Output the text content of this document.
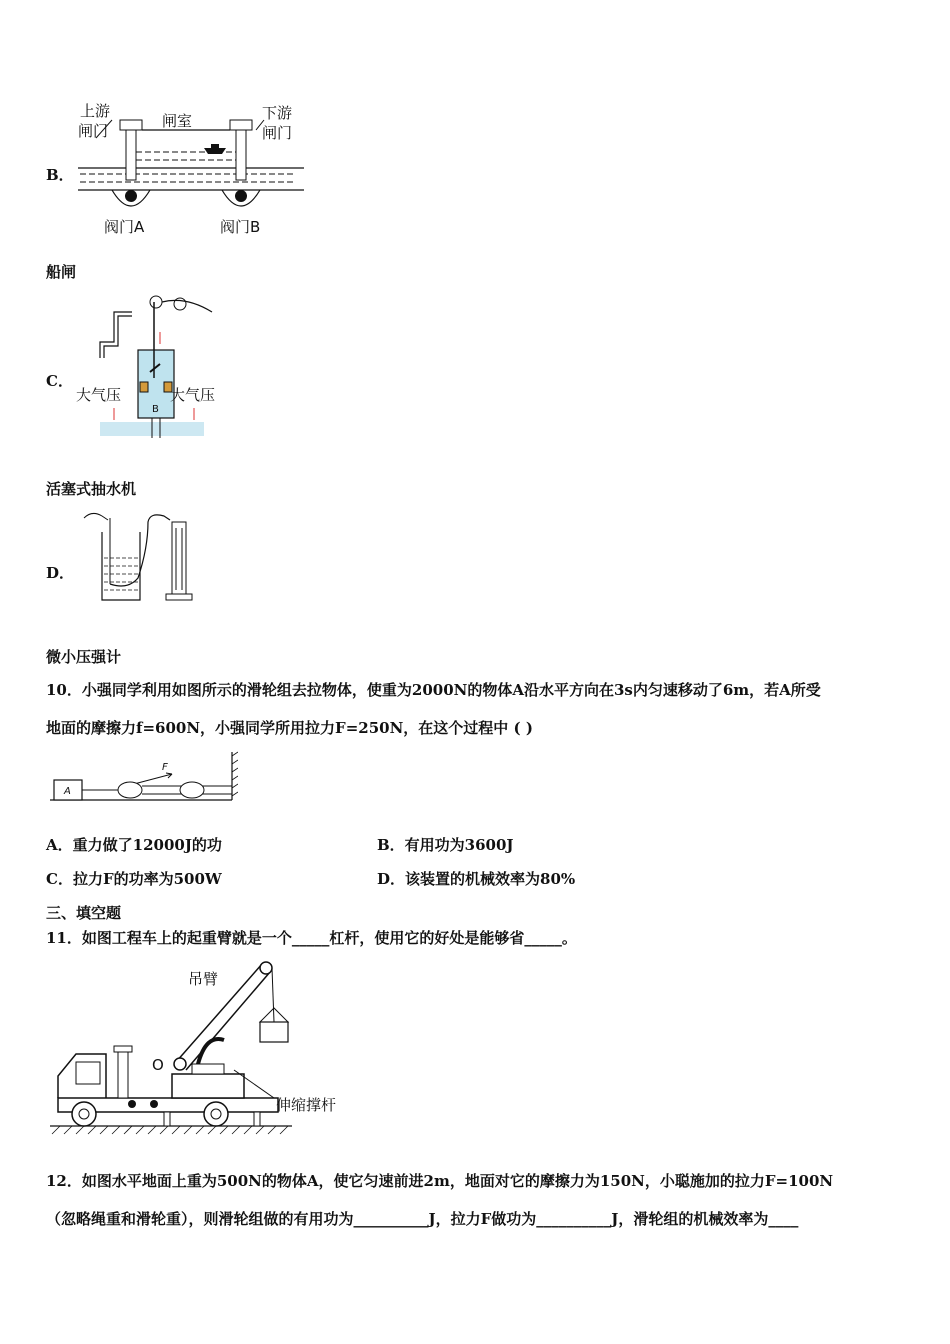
B．
上游
闸门
闸室	下游
闸门
阀门A	阀门B
船闸
C．
大气压	大气压
B
活塞式抽水机
D．
微小压强计
10．小强同学利用如图所示的滑轮组去拉物体，使重为2000N的物体A沿水平方向在3s内匀速移动了6m，若A所受
地面的摩擦力f=600N，小强同学所用拉力F=250N，在这个过程中 ( )
A
F
A．重力做了12000J的功	B．有用功为3600J
C．拉力F的功率为500W	D．该装置的机械效率为80%
三、填空题
11．如图工程车上的起重臂就是一个_____杠杆，使用它的好处是能够省_____。
吊臂
O
伸缩撑杆
12．如图水平地面上重为500N的物体A，使它匀速前进2m，地面对它的摩擦力为150N，小聪施加的拉力F=100N
（忽略绳重和滑轮重），则滑轮组做的有用功为__________J，拉力F做功为__________J，滑轮组的机械效率为____
